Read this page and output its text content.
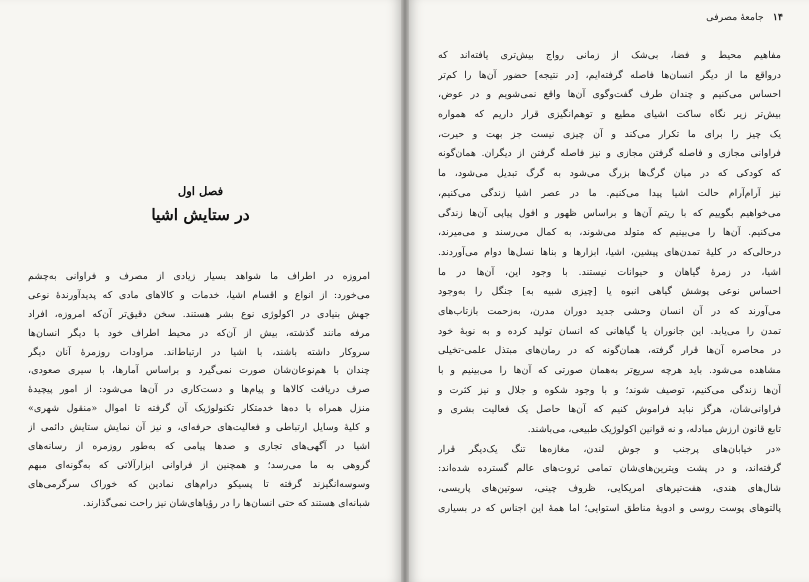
فصل اول
در ستایش اشیا
امروزه در اطراف ما شواهد بسیار زیادی از مصرف و فراوانی به‌چشم
می‌خورد: از انواع و اقسام اشیا، خدمات و کالاهای مادی که پدیدآورندهٔ نوعی
جهش بنیادی در اکولوژی نوع بشر هستند. سخن دقیق‌تر آن‌که امروزه، افراد
مرفه مانند گذشته، بیش از آن‌که در محیط اطراف خود با دیگر انسان‌ها
سروکار داشته باشند، با اشیا در ارتباط‌اند. مراودات روزمرهٔ آنان دیگر
چندان با هم‌نوعان‌شان صورت نمی‌گیرد و براساس آمارها، با سیری صعودی،
صرف دریافت کالاها و پیام‌ها و دست‌کاری در آن‌ها می‌شود: از امور پیچیدهٔ
منزل همراه با ده‌ها خدمتکار تکنولوژیک آن گرفته تا اموال «منقول شهری»
و کلیهٔ وسایل ارتباطی و فعالیت‌های حرفه‌ای، و نیز آن نمایش ستایش دائمی از
اشیا در آگهی‌های تجاری و صدها پیامی که به‌طور روزمره از رسانه‌های
گروهی به ما می‌رسد؛ و همچنین از فراوانی ابزارآلاتی که به‌گونه‌ای مبهم
وسوسه‌انگیزند گرفته تا پسیکو درام‌های نمادین که خوراک سرگرمی‌های
شبانه‌ای هستند که حتی انسان‌ها را در رؤیاهای‌شان نیز راحت نمی‌گذارند.
۱۴ جامعهٔ مصرفی
مفاهیم محیط و فضا، بی‌شک از زمانی رواج بیش‌تری یافته‌اند که
درواقع ما از دیگر انسان‌ها فاصله گرفته‌ایم، [در نتیجه] حضور آن‌ها را کم‌تر
احساس می‌کنیم و چندان طرف گفت‌وگوی آن‌ها واقع نمی‌شویم و در عوض،
بیش‌تر زیر نگاه ساکت اشیای مطیع و توهم‌انگیزی قرار داریم که همواره
یک چیز را برای ما تکرار می‌کند و آن چیزی نیست جز بهت و حیرت،
فراوانی مجازی و فاصله گرفتن مجازی و نیز فاصله گرفتن از دیگران. همان‌گونه
که کودکی که در میان گرگ‌ها بزرگ می‌شود به گرگ تبدیل می‌شود، ما
نیز آرام‌آرام حالت اشیا پیدا می‌کنیم. ما در عصر اشیا زندگی می‌کنیم،
می‌خواهیم بگوییم که با ریتم آن‌ها و براساس ظهور و افول پیاپی آن‌ها زندگی
می‌کنیم. آن‌ها را می‌بینیم که متولد می‌شوند، به کمال می‌رسند و می‌میرند،
درحالی‌که در کلیهٔ تمدن‌های پیشین، اشیا، ابزارها و بناها نسل‌ها دوام می‌آوردند.
اشیا، در زمرهٔ گیاهان و حیوانات نیستند. با وجود این، آن‌ها در ما
احساس نوعی پوشش گیاهی انبوه یا [چیزی شبیه به] جنگل را به‌وجود
می‌آورند که در آن انسان وحشی جدید دوران مدرن، به‌زحمت بازتاب‌های
تمدن را می‌یابد. این جانوران یا گیاهانی که انسان تولید کرده و به نوبهٔ خود
در محاصره آن‌ها قرار گرفته، همان‌گونه که در رمان‌های مبتذل علمی-تخیلی
مشاهده می‌شود. باید هرچه سریع‌تر به‌همان صورتی که آن‌ها را می‌بینیم و با
آن‌ها زندگی می‌کنیم، توصیف شوند؛ و با وجود شکوه و جلال و نیز کثرت و
فراوانی‌شان، هرگز نباید فراموش کنیم که آن‌ها حاصل یک فعالیت بشری و
تابع قانون ارزش مبادله، و نه قوانین اکولوژیک طبیعی، می‌باشند.
«در خیابان‌های پرجنب و جوش لندن، مغازه‌ها تنگ یک‌دیگر قرار
گرفته‌اند، و در پشت ویترین‌های‌شان تمامی ثروت‌های عالم گسترده شده‌اند:
شال‌های هندی، هفت‌تیرهای امریکایی، ظروف چینی، سوتین‌های پاریسی،
پالتوهای پوست روسی و ادویهٔ مناطق استوایی؛ اما همهٔ این اجناس که در بسیاری
